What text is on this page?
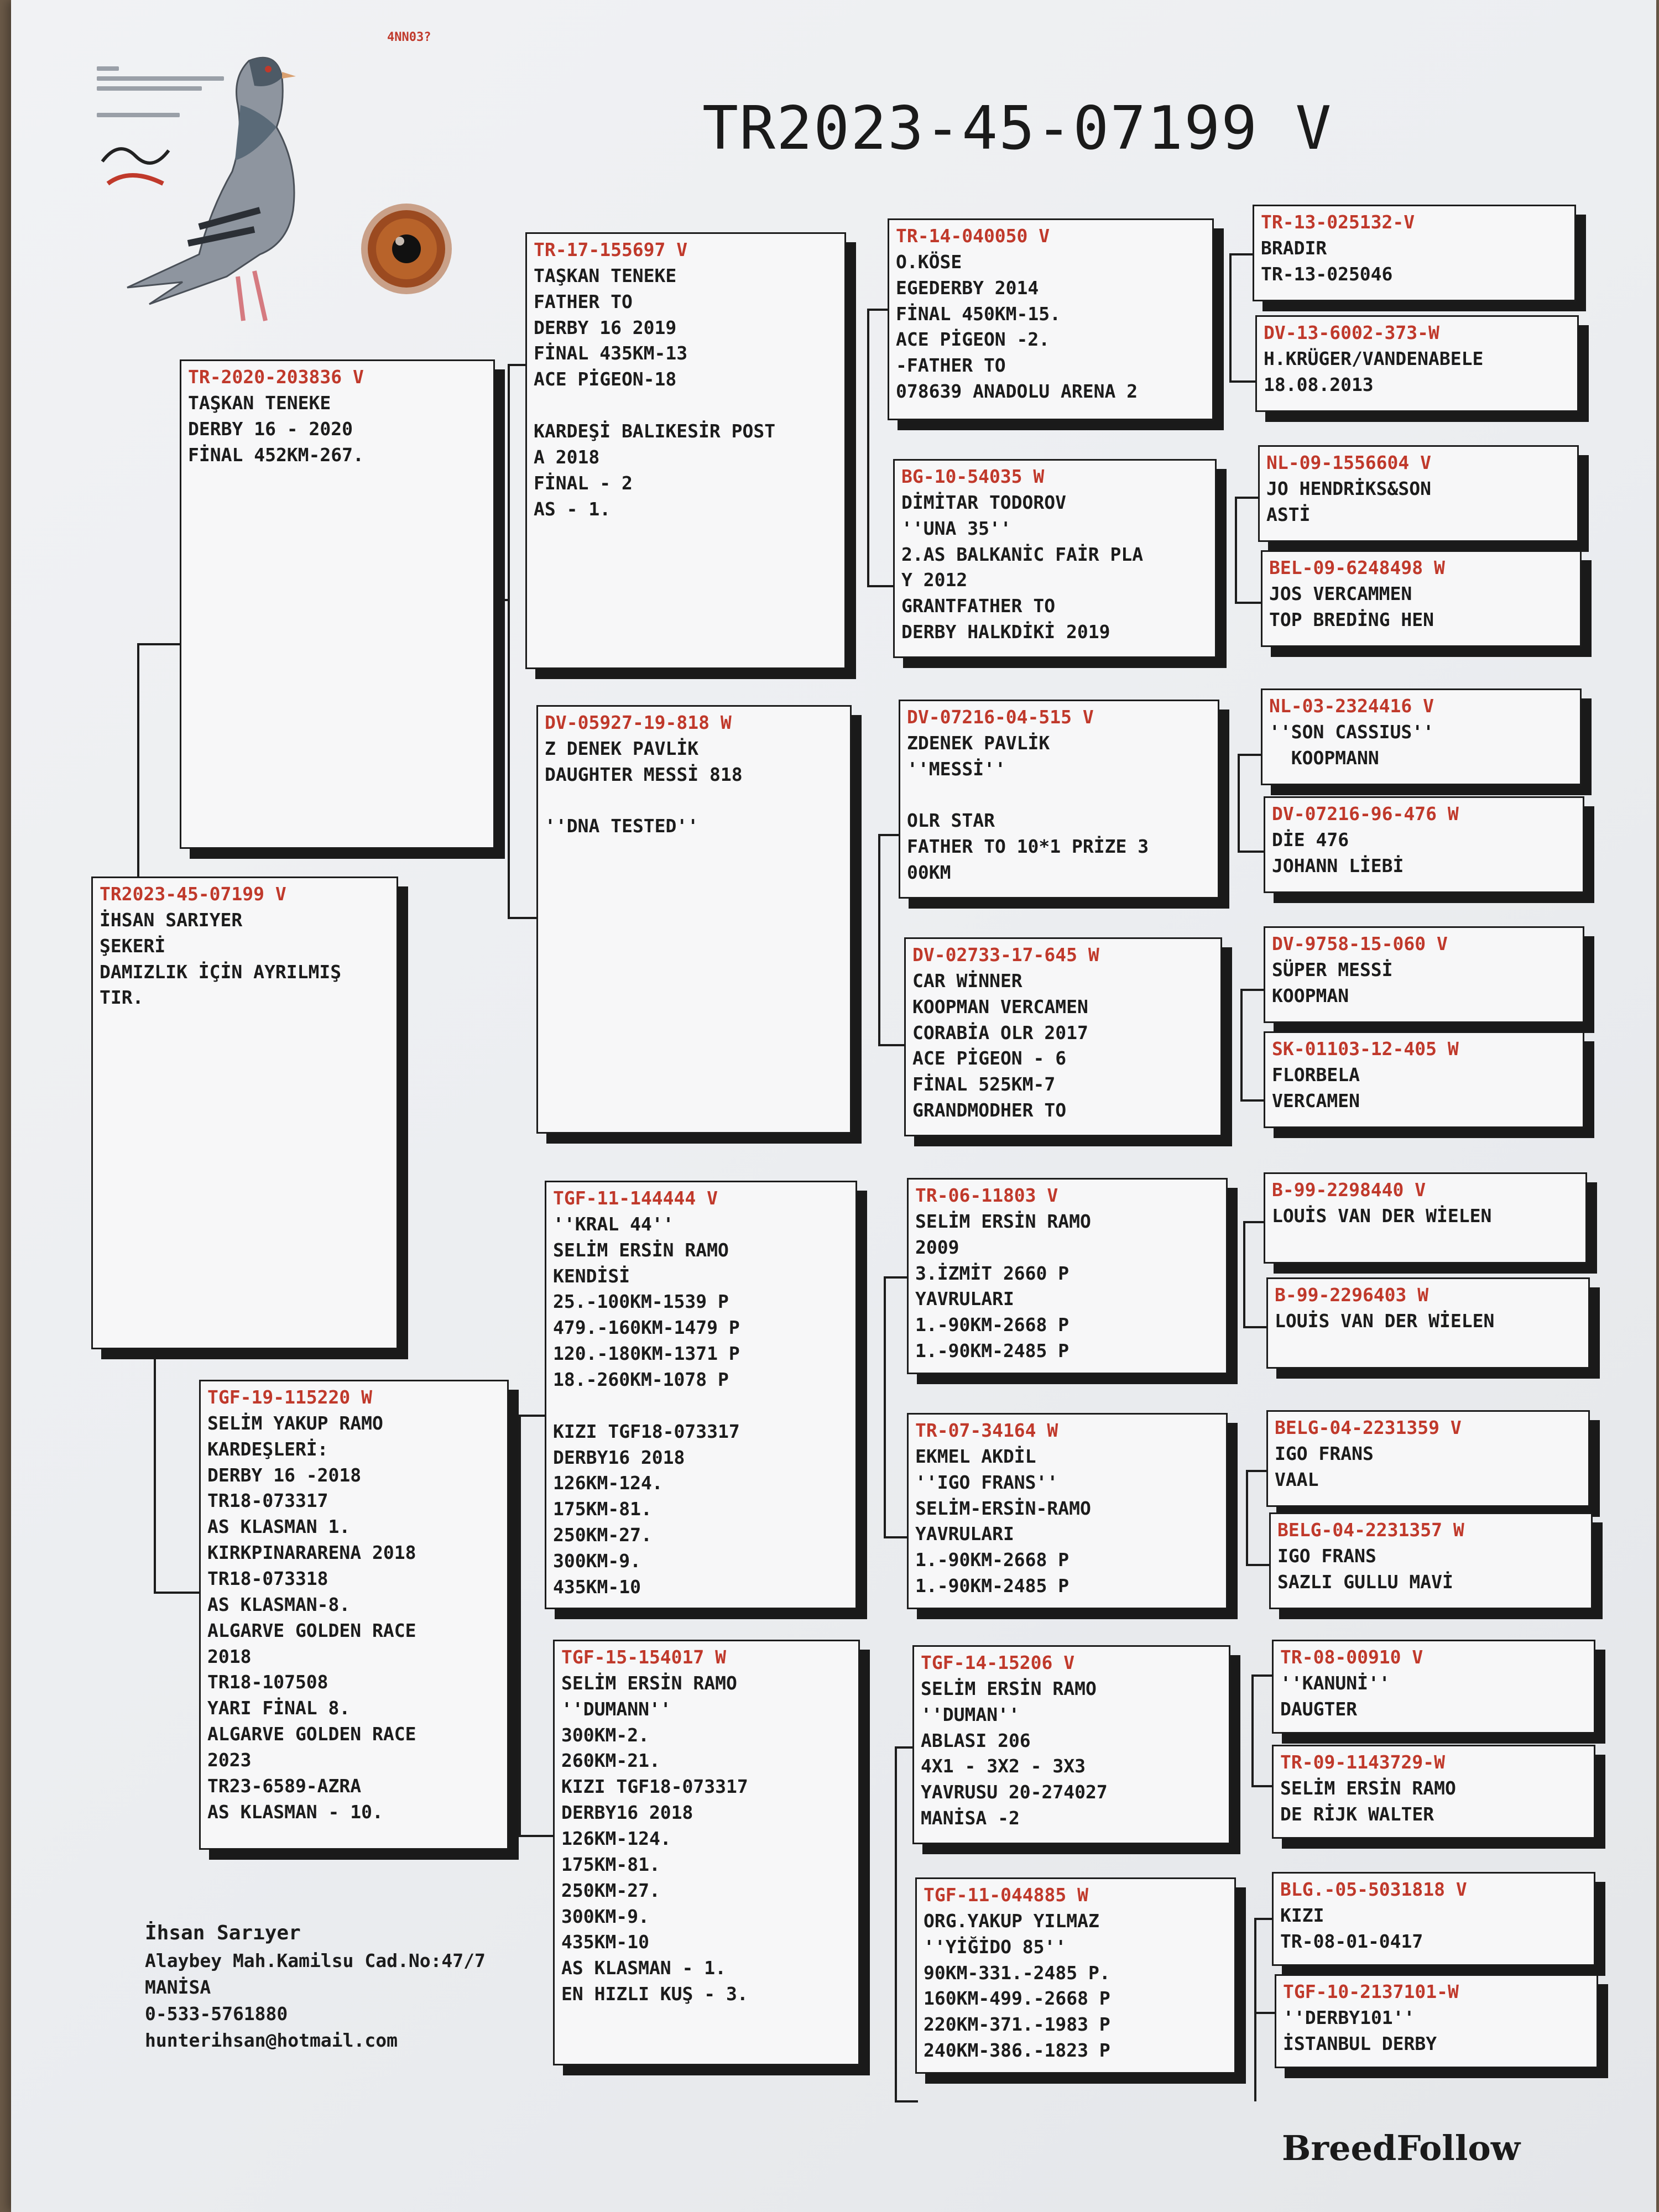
4NN03?
TR2023-45-07199 V
TR2023-45-07199 V
İHSAN SARIYER
ŞEKERİ
DAMIZLIK İÇİN AYRILMIŞ
TIR.
TR-2020-203836 V
TAŞKAN TENEKE
DERBY 16 - 2020
FİNAL 452KM-267.
TGF-19-115220 W
SELİM YAKUP RAMO
KARDEŞLERİ:
DERBY 16 -2018
TR18-073317
AS KLASMAN 1.
KIRKPINARARENA 2018
TR18-073318
AS KLASMAN-8.
ALGARVE GOLDEN RACE
2018
TR18-107508
YARI FİNAL 8.
ALGARVE GOLDEN RACE
2023
TR23-6589-AZRA
AS KLASMAN - 10.
TR-17-155697 V
TAŞKAN TENEKE
FATHER TO
DERBY 16 2019
FİNAL 435KM-13
ACE PİGEON-18

KARDEŞİ BALIKESİR POST
A 2018
FİNAL - 2
AS - 1.
DV-05927-19-818 W
Z DENEK PAVLİK
DAUGHTER MESSİ 818

''DNA TESTED''
TGF-11-144444 V
''KRAL 44''
SELİM ERSİN RAMO
KENDİSİ
25.-100KM-1539 P
479.-160KM-1479 P
120.-180KM-1371 P
18.-260KM-1078 P

KIZI TGF18-073317
DERBY16 2018
126KM-124.
175KM-81.
250KM-27.
300KM-9.
435KM-10
TGF-15-154017 W
SELİM ERSİN RAMO
''DUMANN''
300KM-2.
260KM-21.
KIZI TGF18-073317
DERBY16 2018
126KM-124.
175KM-81.
250KM-27.
300KM-9.
435KM-10
AS KLASMAN - 1.
EN HIZLI KUŞ - 3.
TR-14-040050 V
O.KÖSE
EGEDERBY 2014
FİNAL 450KM-15.
ACE PİGEON -2.
-FATHER TO
078639 ANADOLU ARENA 2
BG-10-54035 W
DİMİTAR TODOROV
''UNA 35''
2.AS BALKANİC FAİR PLA
Y 2012
GRANTFATHER TO
DERBY HALKDİKİ 2019
DV-07216-04-515 V
ZDENEK PAVLİK
''MESSİ''

OLR STAR
FATHER TO 10*1 PRİZE 3
00KM
DV-02733-17-645 W
CAR WİNNER
KOOPMAN VERCAMEN
CORABİA OLR 2017
ACE PİGEON - 6
FİNAL 525KM-7
GRANDMODHER TO
TR-06-11803 V
SELİM ERSİN RAMO
2009
3.İZMİT 2660 P
YAVRULARI
1.-90KM-2668 P
1.-90KM-2485 P
TR-07-34164 W
EKMEL AKDİL
''IGO FRANS''
SELİM-ERSİN-RAMO
YAVRULARI
1.-90KM-2668 P
1.-90KM-2485 P
TGF-14-15206 V
SELİM ERSİN RAMO
''DUMAN''
ABLASI 206
4X1 - 3X2 - 3X3
YAVRUSU 20-274027
MANİSA -2
TGF-11-044885 W
ORG.YAKUP YILMAZ
''YİĞİDO 85''
90KM-331.-2485 P.
160KM-499.-2668 P
220KM-371.-1983 P
240KM-386.-1823 P
TR-13-025132-V
BRADIR
TR-13-025046
DV-13-6002-373-W
H.KRÜGER/VANDENABELE
18.08.2013
NL-09-1556604 V
JO HENDRİKS&SON
ASTİ
BEL-09-6248498 W
JOS VERCAMMEN
TOP BREDİNG HEN
NL-03-2324416 V
''SON CASSIUS''
KOOPMANN
DV-07216-96-476 W
DİE 476
JOHANN LİEBİ
DV-9758-15-060 V
SÜPER MESSİ
KOOPMAN
SK-01103-12-405 W
FLORBELA
VERCAMEN
B-99-2298440 V
LOUİS VAN DER WİELEN
B-99-2296403 W
LOUİS VAN DER WİELEN
BELG-04-2231359 V
IGO FRANS
VAAL
BELG-04-2231357 W
IGO FRANS
SAZLI GULLU MAVİ
TR-08-00910 V
''KANUNİ''
DAUGTER
TR-09-1143729-W
SELİM ERSİN RAMO
DE RİJK WALTER
BLG.-05-5031818 V
KIZI
TR-08-01-0417
TGF-10-2137101-W
''DERBY101''
İSTANBUL DERBY
İhsan Sarıyer
Alaybey Mah.Kamilsu Cad.No:47/7
MANİSA
0-533-5761880
hunterihsan@hotmail.com
BreedFollow
